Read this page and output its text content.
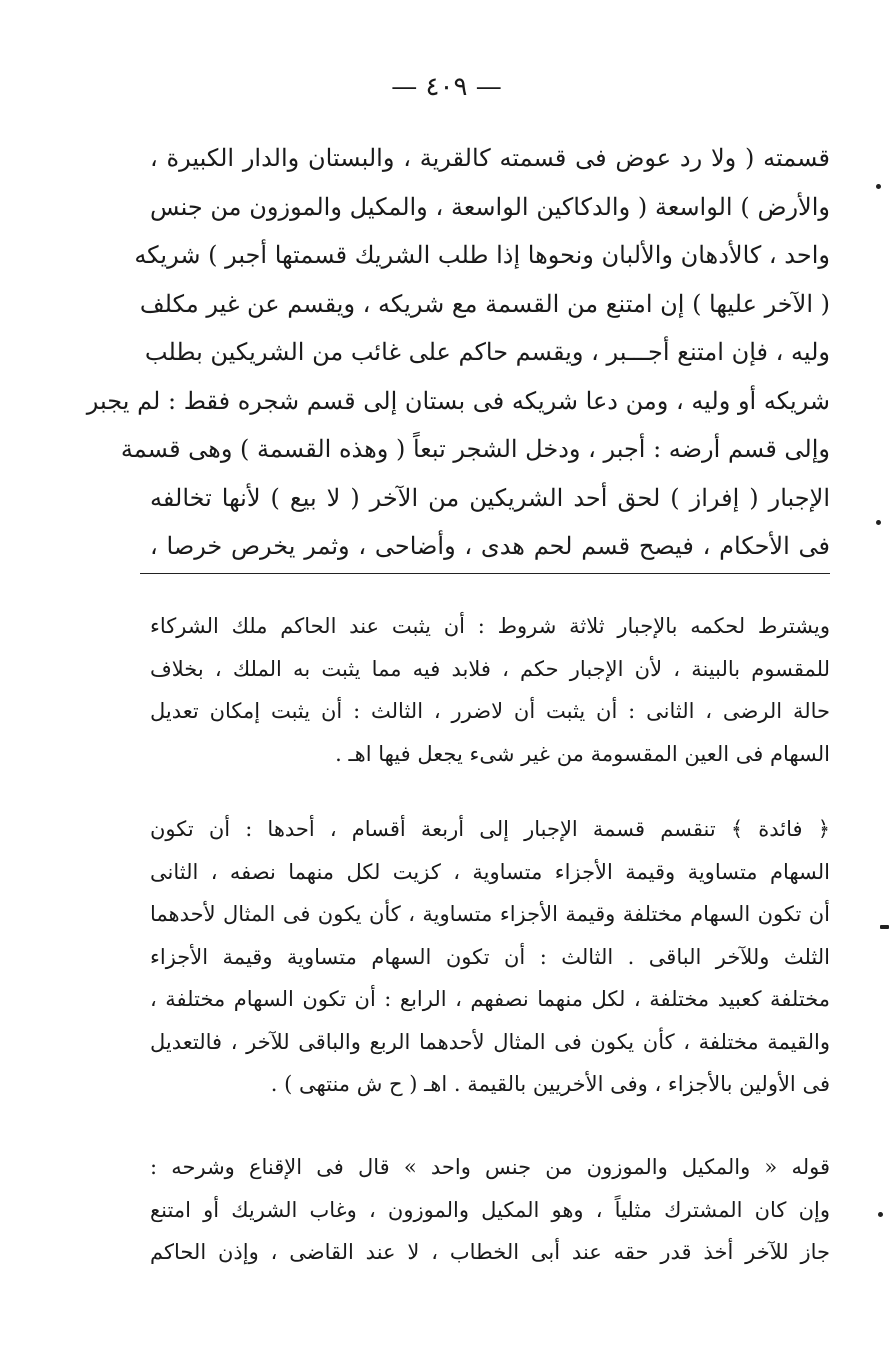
— ٤٠٩ —

قسمته ( ولا رد عوض فى قسمته كالقرية ، والبستان والدار الكبيرة ،

والأرض ) الواسعة ( والدكاكين الواسعة ، والمكيل والموزون من جنس

واحد ، كالأدهان والألبان ونحوها إذا طلب الشريك قسمتها أجبر ) شريكه

( الآخر عليها ) إن امتنع من القسمة مع شريكه ، ويقسم عن غير مكلف

وليه ، فإن امتنع أجـــبر ، ويقسم حاكم على غائب من الشريكين بطلب

شريكه أو وليه ، ومن دعا شريكه فى بستان إلى قسم شجره فقط : لم يجبر

وإلى قسم أرضه : أجبر ، ودخل الشجر تبعاً ( وهذه القسمة ) وهى قسمة

الإجبار ( إفراز ) لحق أحد الشريكين من الآخر ( لا بيع ) لأنها تخالفه

فى الأحكام ، فيصح قسم لحم هدى ، وأضاحى ، وثمر يخرص خرصا ،

ويشترط لحكمه بالإجبار ثلاثة شروط : أن يثبت عند الحاكم ملك الشركاء

للمقسوم بالبينة ، لأن الإجبار حكم ، فلابد فيه مما يثبت به الملك ، بخلاف

حالة الرضى ، الثانى : أن يثبت أن لاضرر ، الثالث : أن يثبت إمكان تعديل

السهام فى العين المقسومة من غير شىء يجعل فيها اهـ .

﴿ فائدة ﴾ تنقسم قسمة الإجبار إلى أربعة أقسام ، أحدها : أن تكون

السهام متساوية وقيمة الأجزاء متساوية ، كزيت لكل منهما نصفه ، الثانى

أن تكون السهام مختلفة وقيمة الأجزاء متساوية ، كأن يكون فى المثال لأحدهما

الثلث وللآخر الباقى . الثالث : أن تكون السهام متساوية وقيمة الأجزاء

مختلفة كعبيد مختلفة ، لكل منهما نصفهم ، الرابع : أن تكون السهام مختلفة ،

والقيمة مختلفة ، كأن يكون فى المثال لأحدهما الربع والباقى للآخر ، فالتعديل

فى الأولين بالأجزاء ، وفى الأخريين بالقيمة . اهـ ( ح ش منتهى ) .

قوله « والمكيل والموزون من جنس واحد » قال فى الإقناع وشرحه :

وإن كان المشترك مثلياً ، وهو المكيل والموزون ، وغاب الشريك أو امتنع

جاز للآخر أخذ قدر حقه عند أبى الخطاب ، لا عند القاضى ، وإذن الحاكم
